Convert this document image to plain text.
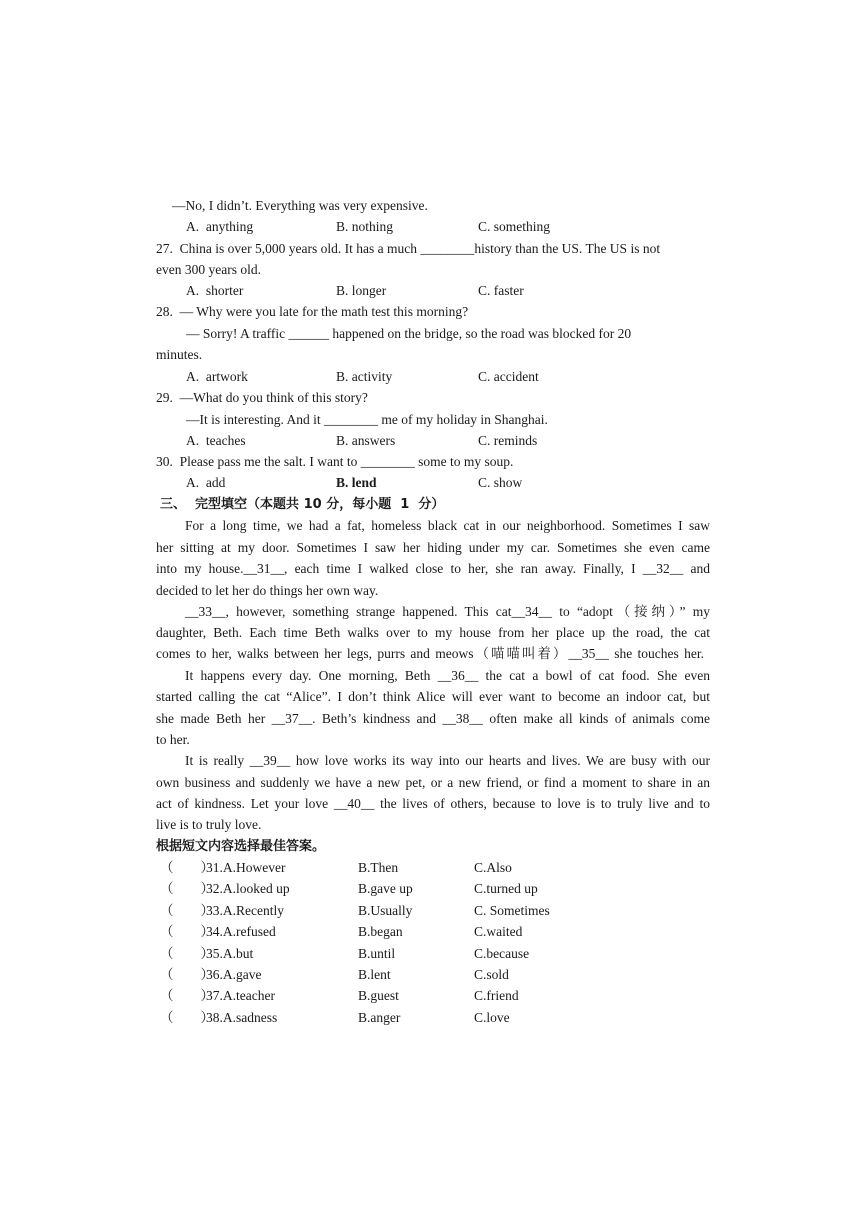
—No, I didn’t. Everything was very expensive.
A.  anything	B. nothing	C. something
27.  China is over 5,000 years old. It has a much ________history than the US. The US is not
even 300 years old.
A.  shorter	B. longer	C. faster
28.  — Why were you late for the math test this morning?
— Sorry! A traffic ______ happened on the bridge, so the road was blocked for 20
minutes.
A.  artwork	B. activity	C. accident
29.  —What do you think of this story?
—It is interesting. And it ________ me of my holiday in Shanghai.
A.  teaches	B. answers	C. reminds
30.  Please pass me the salt. I want to ________ some to my soup.
A.  add	B. lend	C. show
三、  完型填空（本题共 10 分，每小题  1  分）
For a long time, we had a fat, homeless black cat in our neighborhood. Sometimes I saw
her sitting at my door. Sometimes I saw her hiding under my car. Sometimes she even came
into my house.__31__, each time I walked close to her, she ran away. Finally, I __32__ and
decided to let her do things her own way.
__33__, however, something strange happened. This cat__34__ to “adopt（接纳）” my
daughter, Beth. Each time Beth walks over to my house from her place up the road, the cat
comes to her, walks between her legs, purrs and meows（喵喵叫着）__35__ she touches her.
It happens every day. One morning, Beth __36__ the cat a bowl of cat food. She even
started calling the cat “Alice”. I don’t think Alice will ever want to become an indoor cat, but
she made Beth her __37__. Beth’s kindness and __38__ often make all kinds of animals come
to her.
It is really __39__ how love works its way into our hearts and lives. We are busy with our
own business and suddenly we have a new pet, or a new friend, or find a moment to share in an
act of kindness. Let your love __40__ the lives of others, because to love is to truly live and to
live is to truly love.
根据短文内容选择最佳答案。
（　　）
31.A.However	B.Then	C.Also
（　　）
32.A.looked up	B.gave up	C.turned up
（　　）
33.A.Recently	B.Usually	C. Sometimes
（　　）
34.A.refused	B.began	C.waited
（　　）
35.A.but	B.until	C.because
（　　）
36.A.gave	B.lent	C.sold
（　　）
37.A.teacher	B.guest	C.friend
（　　）
38.A.sadness	B.anger	C.love
